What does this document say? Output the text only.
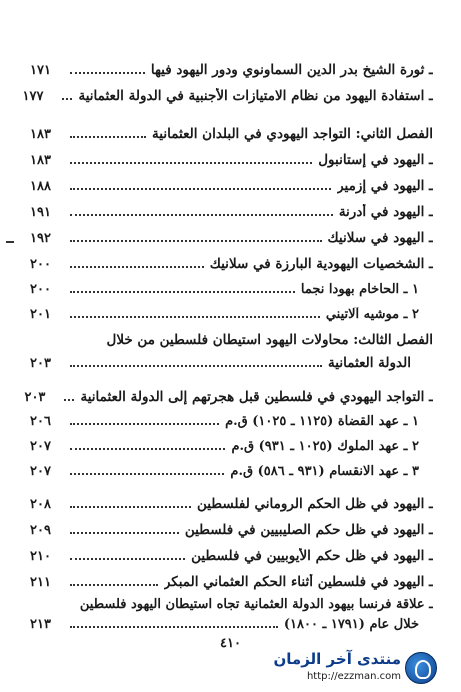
ـ ثورة الشيخ بدر الدين السماونوي ودور اليهود فيها
١٧١
ـ استفادة اليهود من نظام الامتيازات الأجنبية في الدولة العثمانية
١٧٧
الفصل الثاني: التواجد اليهودي في البلدان العثمانية
١٨٣
ـ اليهود في إستانبول
١٨٣
ـ اليهود في إزمير
١٨٨
ـ اليهود في أدرنة
١٩١
ـ اليهود في سلانيك
١٩٢
ـ الشخصيات اليهودية البارزة في سلانيك
٢٠٠
١ ـ الحاخام بهودا نجما
٢٠٠
٢ ـ موشيه آلاتيني
٢٠١
الفصل الثالث: محاولات اليهود استيطان فلسطين من خلال
الدولة العثمانية
٢٠٣
ـ التواجد اليهودي في فلسطين قبل هجرتهم إلى الدولة العثمانية
٢٠٣
١ ـ عهد القضاة (١١٢٥ ـ ١٠٢٥) ق.م
٢٠٦
٢ ـ عهد الملوك (١٠٢٥ ـ ٩٣١) ق.م
٢٠٧
٣ ـ عهد الانقسام (٩٣١ ـ ٥٨٦) ق.م
٢٠٧
ـ اليهود في ظل الحكم الروماني لفلسطين
٢٠٨
ـ اليهود في ظل حكم الصليبيين في فلسطين
٢٠٩
ـ اليهود في ظل حكم الأيوبيين في فلسطين
٢١٠
ـ اليهود في فلسطين أثناء الحكم العثماني المبكر
٢١١
ـ علاقة فرنسا بيهود الدولة العثمانية تجاه استيطان اليهود فلسطين
خلال عام (١٧٩١ ـ ١٨٠٠)
٢١٣
٤١٠
منتدى آخر الزمان
http://ezzman.com
